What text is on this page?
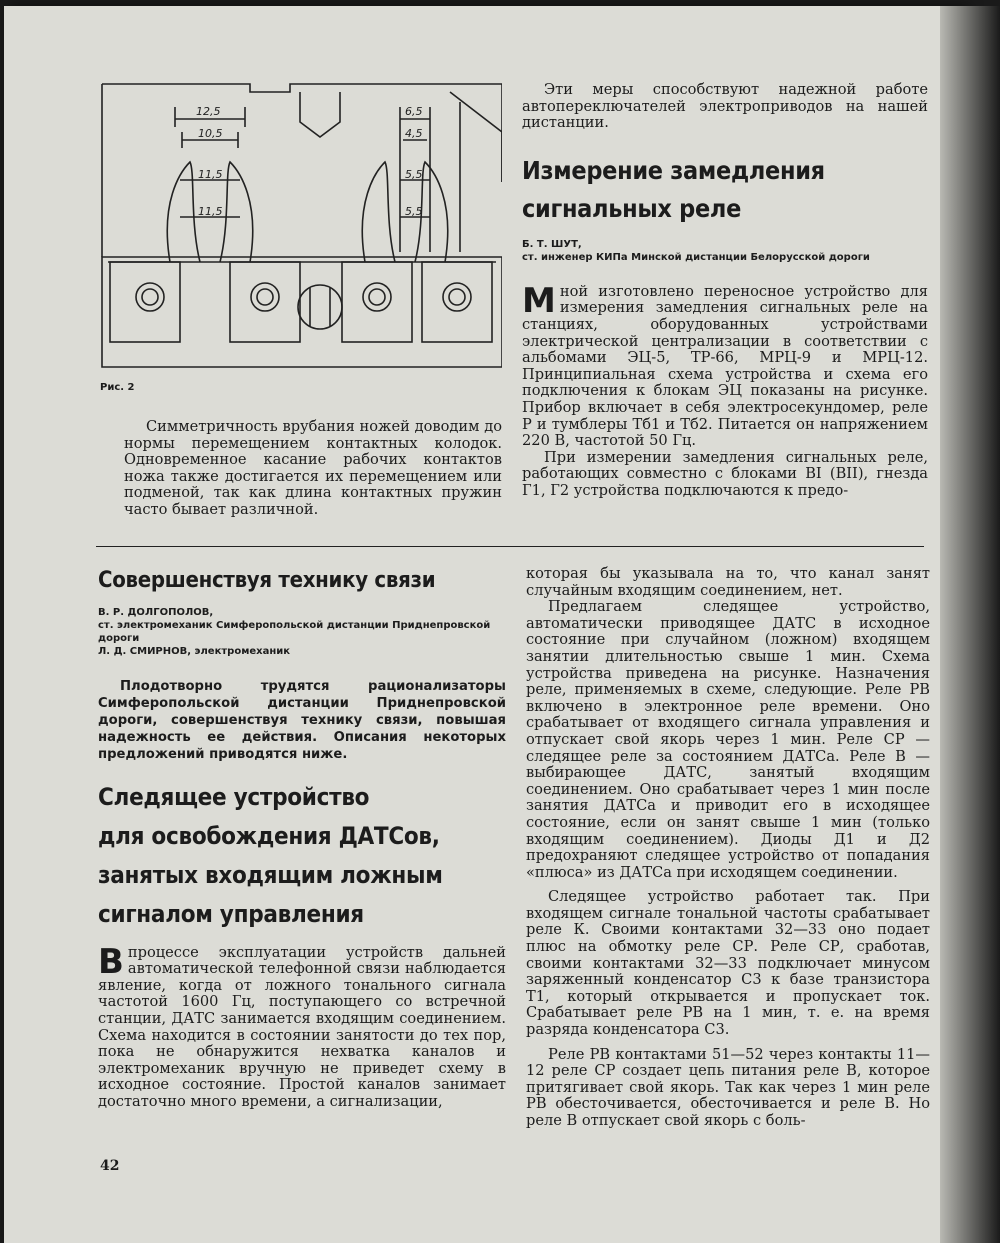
12,5
10,5
11,5
11,5
6,5
4,5
5,5
5,5
Рис. 2

Симметричность врубания ножей доводим до нормы перемещением контактных колодок. Одновременное касание рабочих контактов ножа также достигается их перемещением или подменой, так как длина контактных пружин часто бывает различной.

Эти меры способствуют надежной работе автопереключателей электроприводов на нашей дистанции.

Измерение замедления

сигнальных реле

Б. Т. ШУТ,

ст. инженер КИПа Минской дистанции Белорусской дороги

Мной изготовлено переносное устройство для измерения замедления сигнальных реле на станциях, оборудованных устройствами электрической централизации в соответствии с альбомами ЭЦ-5, ТР-66, МРЦ-9 и МРЦ-12. Принципиальная схема устройства и схема его подключения к блокам ЭЦ показаны на рисунке. Прибор включает в себя электросекундомер, реле Р и тумблеры Тб1 и Тб2. Питается он напряжением 220 В, частотой 50 Гц.

При измерении замедления сигнальных реле, работающих совместно с блоками BI (BII), гнезда Г1, Г2 устройства подключаются к предо-

Совершенствуя технику связи

В. Р. ДОЛГОПОЛОВ,

ст. электромеханик Симферопольской дистанции Приднепровской дороги

Л. Д. СМИРНОВ, электромеханик

Плодотворно трудятся рационализаторы Симферопольской дистанции Приднепровской дороги, совершенствуя технику связи, повышая надежность ее действия. Описания некоторых предложений приводятся ниже.

Следящее устройство

для освобождения ДАТСов,

занятых входящим ложным

сигналом управления

Впроцессе эксплуатации устройств дальней автоматической телефонной связи наблюдается явление, когда от ложного тонального сигнала частотой 1600 Гц, поступающего со встречной станции, ДАТС занимается входящим соединением. Схема находится в состоянии занятости до тех пор, пока не обнаружится нехватка каналов и электромеханик вручную не приведет схему в исходное состояние. Простой каналов занимает достаточно много времени, а сигнализации,

которая бы указывала на то, что канал занят случайным входящим соединением, нет.

Предлагаем следящее устройство, автоматически приводящее ДАТС в исходное состояние при случайном (ложном) входящем занятии длительностью свыше 1 мин. Схема устройства приведена на рисунке. Назначения реле, применяемых в схеме, следующие. Реле РВ включено в электронное реле времени. Оно срабатывает от входящего сигнала управления и отпускает свой якорь через 1 мин. Реле СР — следящее реле за состоянием ДАТСа. Реле В — выбирающее ДАТС, занятый входящим соединением. Оно срабатывает через 1 мин после занятия ДАТСа и приводит его в исходящее состояние, если он занят свыше 1 мин (только входящим соединением). Диоды Д1 и Д2 предохраняют следящее устройство от попадания «плюса» из ДАТСа при исходящем соединении.

Следящее устройство работает так. При входящем сигнале тональной частоты срабатывает реле К. Своими контактами 32—33 оно подает плюс на обмотку реле СР. Реле СР, сработав, своими контактами 32—33 подключает минусом заряженный конденсатор С3 к базе транзистора Т1, который открывается и пропускает ток. Срабатывает реле РВ на 1 мин, т. е. на время разряда конденсатора С3.

Реле РВ контактами 51—52 через контакты 11—12 реле СР создает цепь питания реле В, которое притягивает свой якорь. Так как через 1 мин реле РВ обесточивается, обесточивается и реле В. Но реле В отпускает свой якорь с боль-

42
